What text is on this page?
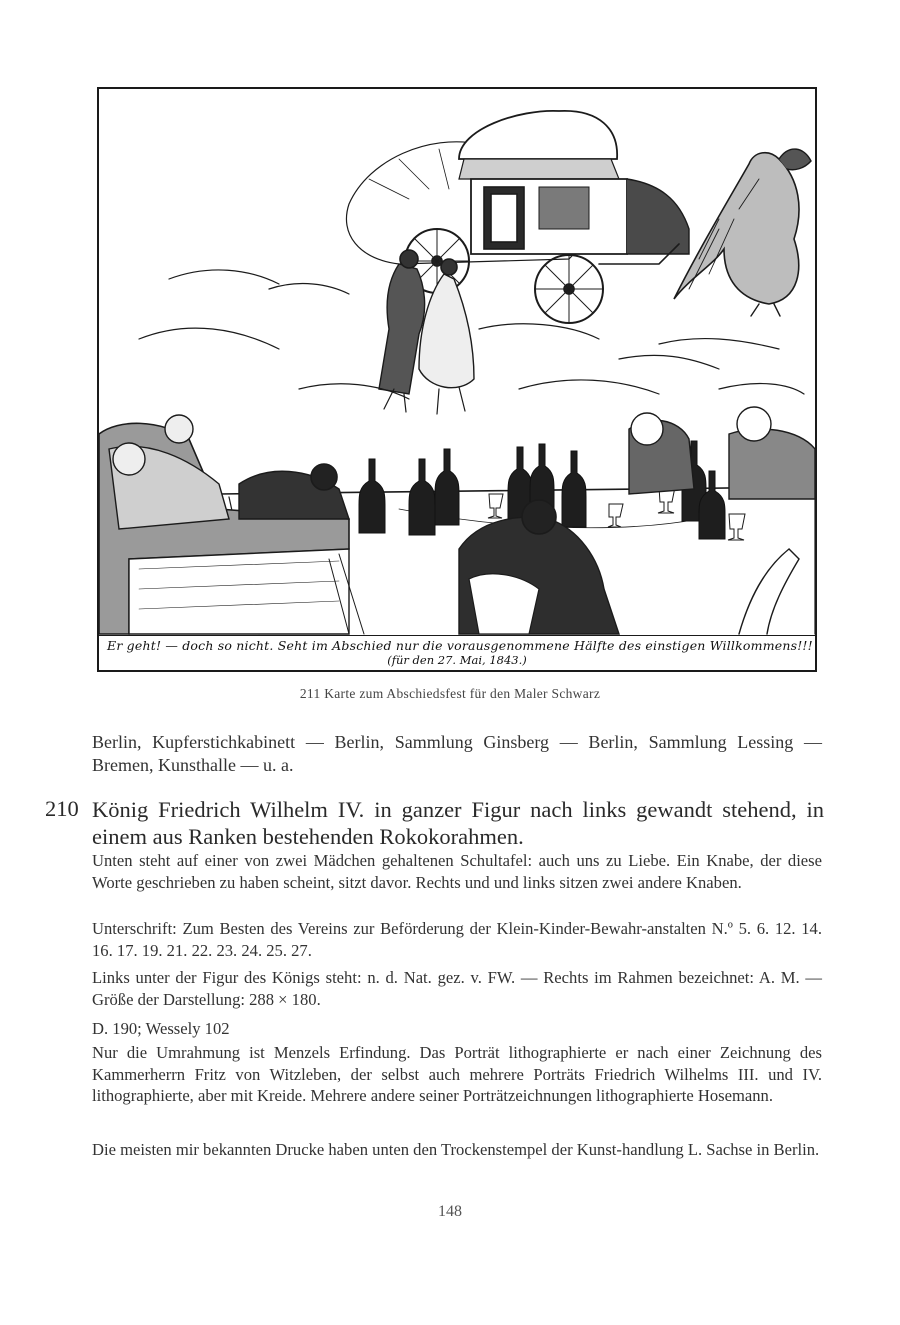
Er geht! — doch so nicht. Seht im Abschied nur die vorausgenommene Hälfte des einstigen Willkommens!!!
(für den 27. Mai, 1843.)
211 Karte zum Abschiedsfest für den Maler Schwarz
Berlin, Kupferstichkabinett — Berlin, Sammlung Ginsberg — Berlin, Sammlung Lessing — Bremen, Kunsthalle — u. a.
210 König Friedrich Wilhelm IV. in ganzer Figur nach links gewandt stehend, in einem aus Ranken bestehenden Rokokorahmen.
Unten steht auf einer von zwei Mädchen gehaltenen Schultafel: auch uns zu Liebe. Ein Knabe, der diese Worte geschrieben zu haben scheint, sitzt davor. Rechts und und links sitzen zwei andere Knaben.
Unterschrift: Zum Besten des Vereins zur Beförderung der Klein-Kinder-Bewahr-anstalten N.º 5. 6. 12. 14. 16. 17. 19. 21. 22. 23. 24. 25. 27.
Links unter der Figur des Königs steht: n. d. Nat. gez. v. FW. — Rechts im Rahmen bezeichnet: A. M. — Größe der Darstellung: 288 × 180.
D. 190; Wessely 102
Nur die Umrahmung ist Menzels Erfindung. Das Porträt lithographierte er nach einer Zeichnung des Kammerherrn Fritz von Witzleben, der selbst auch mehrere Porträts Friedrich Wilhelms III. und IV. lithographierte, aber mit Kreide. Mehrere andere seiner Porträtzeichnungen lithographierte Hosemann.
Die meisten mir bekannten Drucke haben unten den Trockenstempel der Kunst-handlung L. Sachse in Berlin.
148
